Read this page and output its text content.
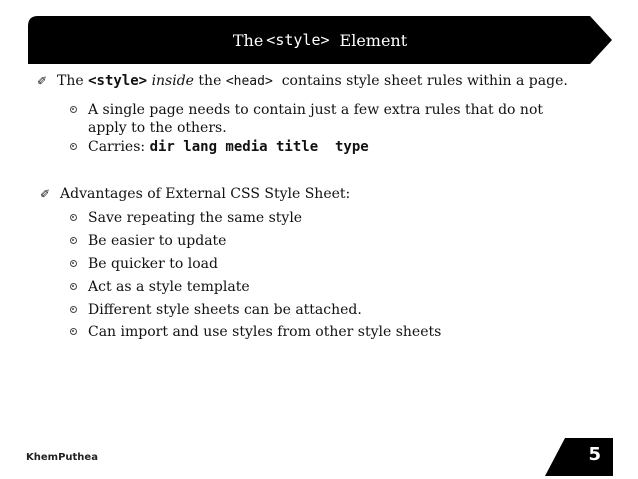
The <style> Element
✐ The <style> inside the <head> contains style sheet rules within a page.
A single page needs to contain just a few extra rules that do not apply to the others.
Carries: dir lang media title  type
✐ Advantages of External CSS Style Sheet:
Save repeating the same style
Be easier to update
Be quicker to load
Act as a style template
Different style sheets can be attached.
Can import and use styles from other style sheets
KhemPuthea	5
